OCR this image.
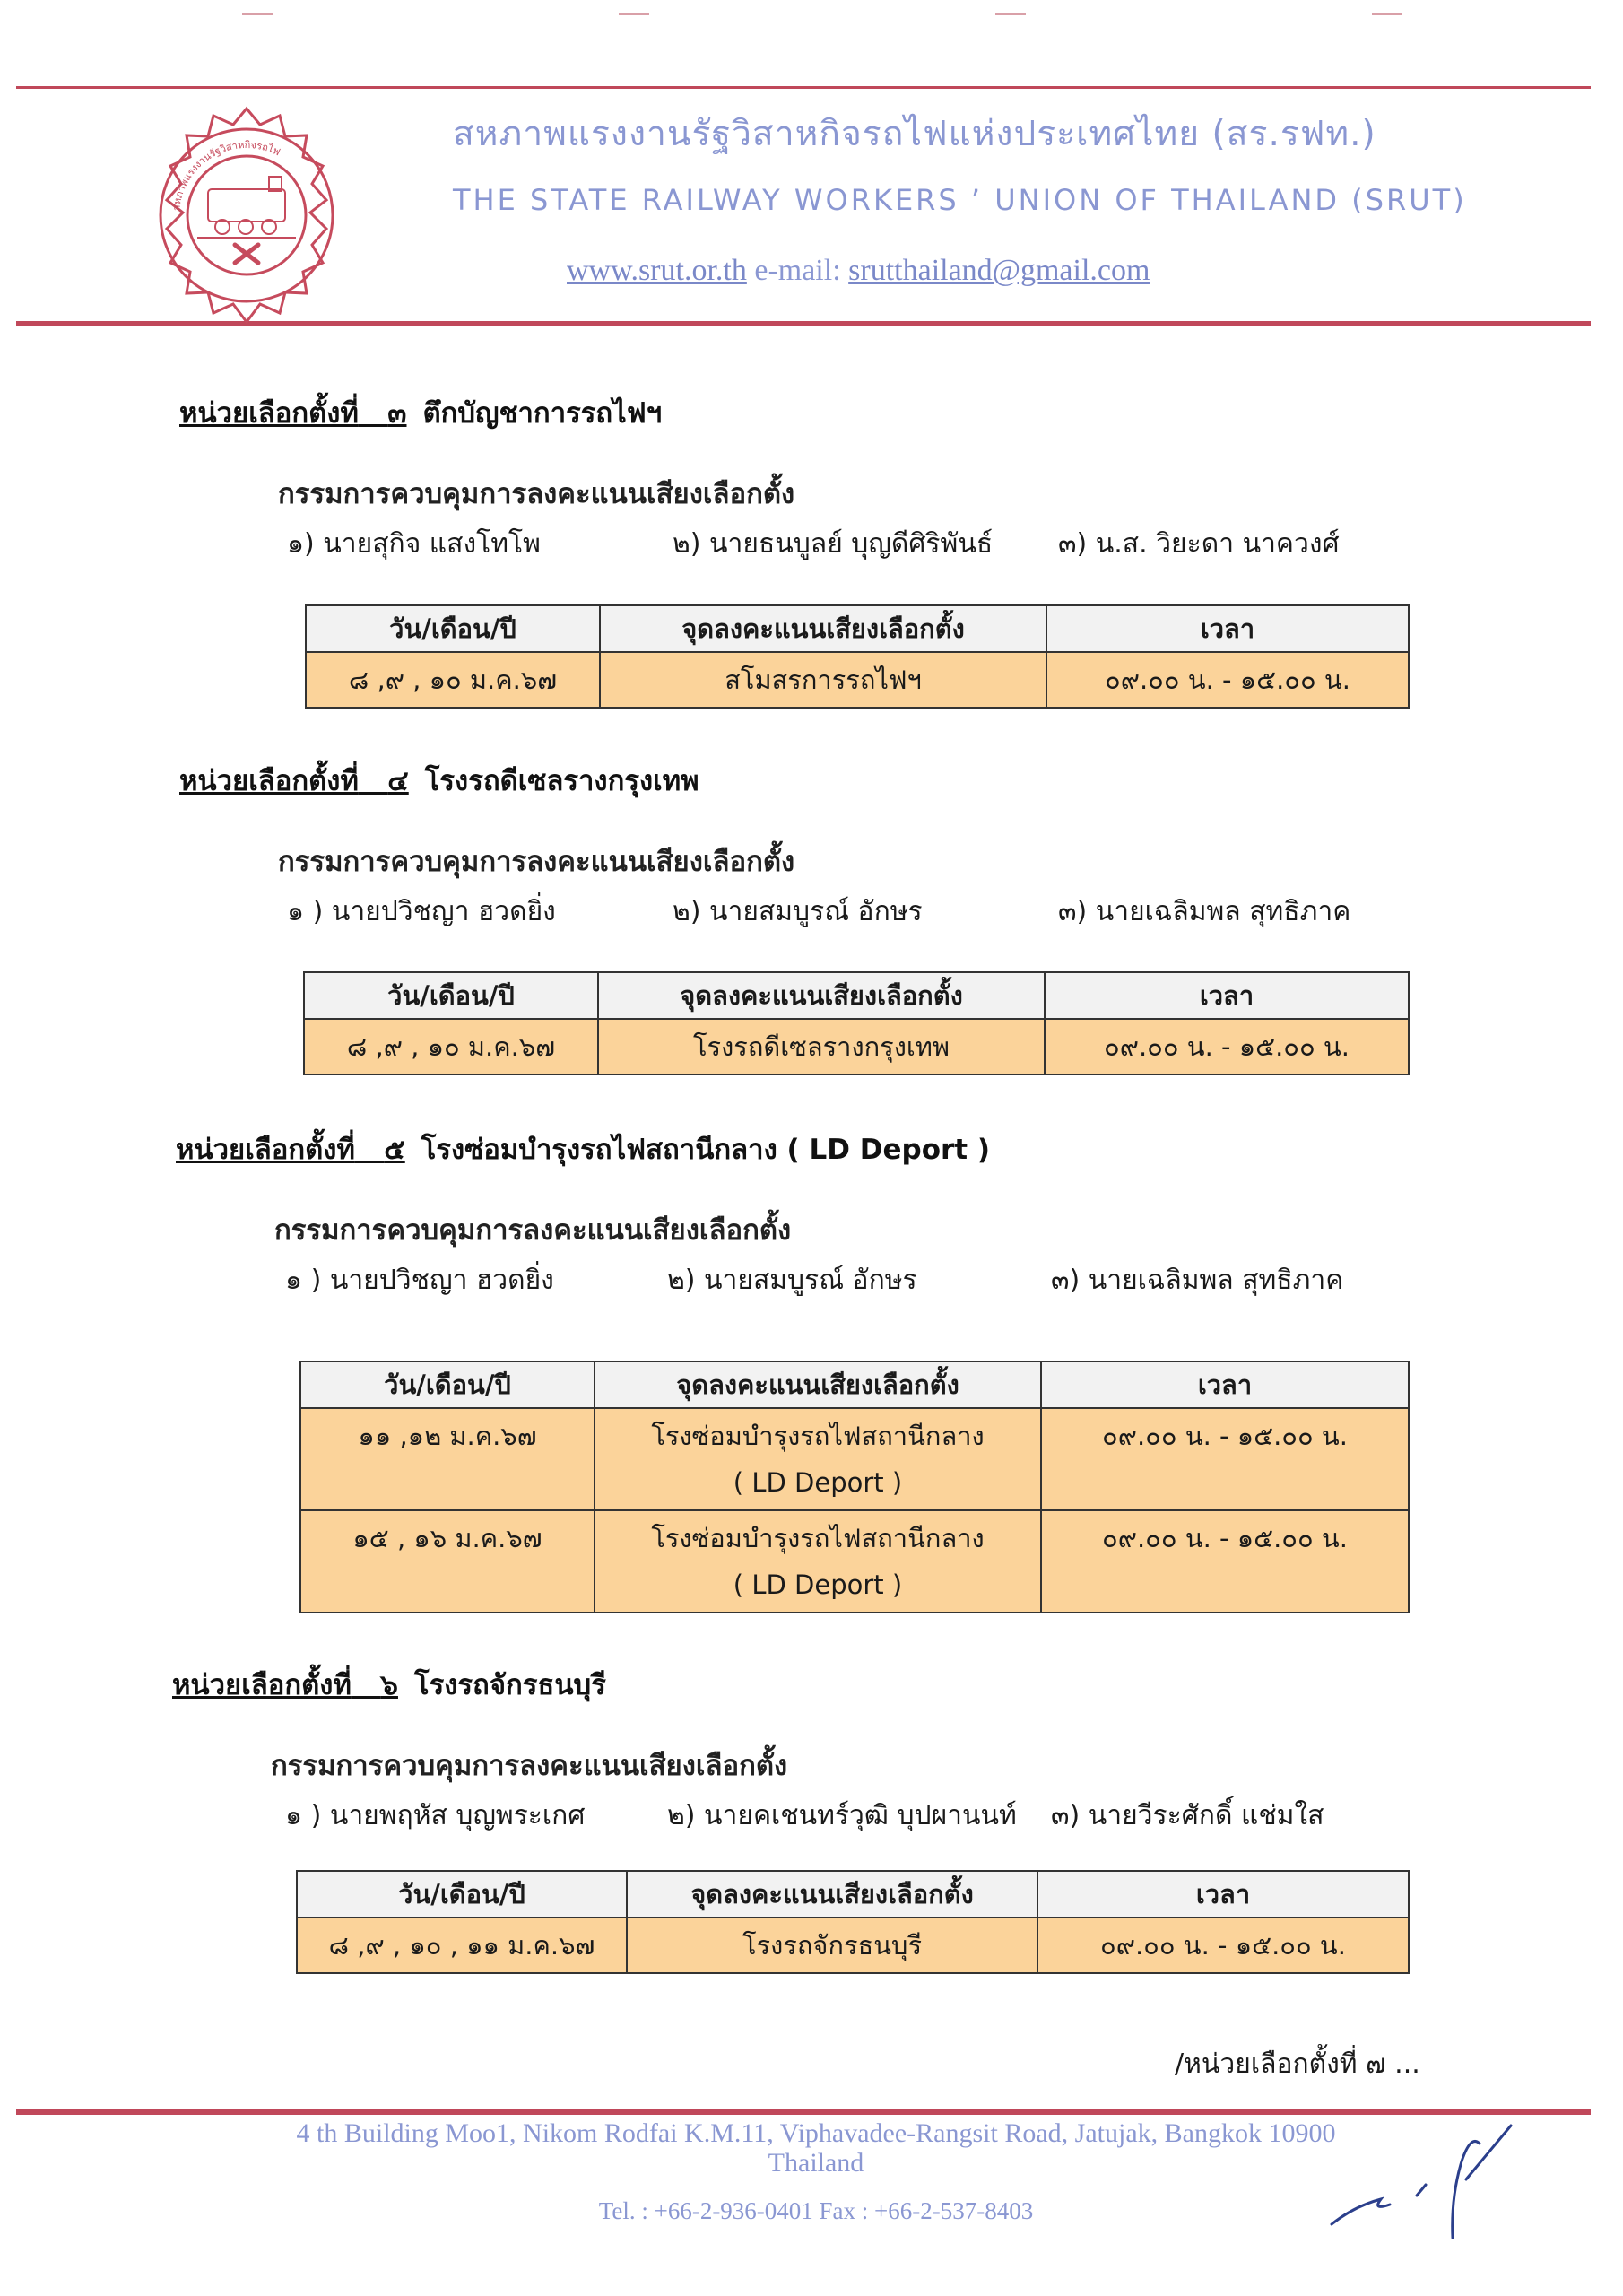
สหภาพแรงงานรัฐวิสาหกิจรถไฟ	สหภาพแรงงานรัฐวิสาหกิจรถไฟแห่งประเทศไทย (สร.รฟท.)
THE STATE RAILWAY WORKERS ’ UNION OF THAILAND (SRUT)
www.srut.or.th e-mail: srutthailand@gmail.com
หน่วยเลือกตั้งที่ ๓ ตึกบัญชาการรถไฟฯ
กรรมการควบคุมการลงคะแนนเสียงเลือกตั้ง
๑) นายสุกิจ แสงโทโพ	๒) นายธนบูลย์ บุญดีศิริพันธ์ ๓) น.ส. วิยะดา นาควงศ์
วัน/เดือน/ปี	จุดลงคะแนนเสียงเลือกตั้ง	เวลา
๘ ,๙ , ๑๐ ม.ค.๖๗	สโมสรการรถไฟฯ	๐๙.๐๐ น. - ๑๕.๐๐ น.
หน่วยเลือกตั้งที่ ๔ โรงรถดีเซลรางกรุงเทพ
กรรมการควบคุมการลงคะแนนเสียงเลือกตั้ง
๑ ) นายปวิชญา ฮวดยิ่ง	๒) นายสมบูรณ์ อักษร	๓) นายเฉลิมพล สุทธิภาค
วัน/เดือน/ปี	จุดลงคะแนนเสียงเลือกตั้ง	เวลา
๘ ,๙ , ๑๐ ม.ค.๖๗	โรงรถดีเซลรางกรุงเทพ	๐๙.๐๐ น. - ๑๕.๐๐ น.
หน่วยเลือกตั้งที่ ๕ โรงซ่อมบำรุงรถไฟสถานีกลาง ( LD Deport )
กรรมการควบคุมการลงคะแนนเสียงเลือกตั้ง
๑ ) นายปวิชญา ฮวดยิ่ง	๒) นายสมบูรณ์ อักษร	๓) นายเฉลิมพล สุทธิภาค
วัน/เดือน/ปี	จุดลงคะแนนเสียงเลือกตั้ง	เวลา
๑๑ ,๑๒ ม.ค.๖๗	โรงซ่อมบำรุงรถไฟสถานีกลาง
( LD Deport )	๐๙.๐๐ น. - ๑๕.๐๐ น.
๑๕ , ๑๖ ม.ค.๖๗	โรงซ่อมบำรุงรถไฟสถานีกลาง
( LD Deport )	๐๙.๐๐ น. - ๑๕.๐๐ น.
หน่วยเลือกตั้งที่ ๖ โรงรถจักรธนบุรี
กรรมการควบคุมการลงคะแนนเสียงเลือกตั้ง
๑ ) นายพฤหัส บุญพระเกศ	๒) นายคเชนทร์วุฒิ บุปผานนท์ ๓) นายวีระศักดิ์ แช่มใส
วัน/เดือน/ปี	จุดลงคะแนนเสียงเลือกตั้ง	เวลา
๘ ,๙ , ๑๐ , ๑๑ ม.ค.๖๗	โรงรถจักรธนบุรี	๐๙.๐๐ น. - ๑๕.๐๐ น.
/หน่วยเลือกตั้งที่ ๗ ...
4 th Building Moo1, Nikom Rodfai K.M.11, Viphavadee-Rangsit Road, Jatujak, Bangkok 10900
Thailand
Tel. : +66-2-936-0401 Fax : +66-2-537-8403
